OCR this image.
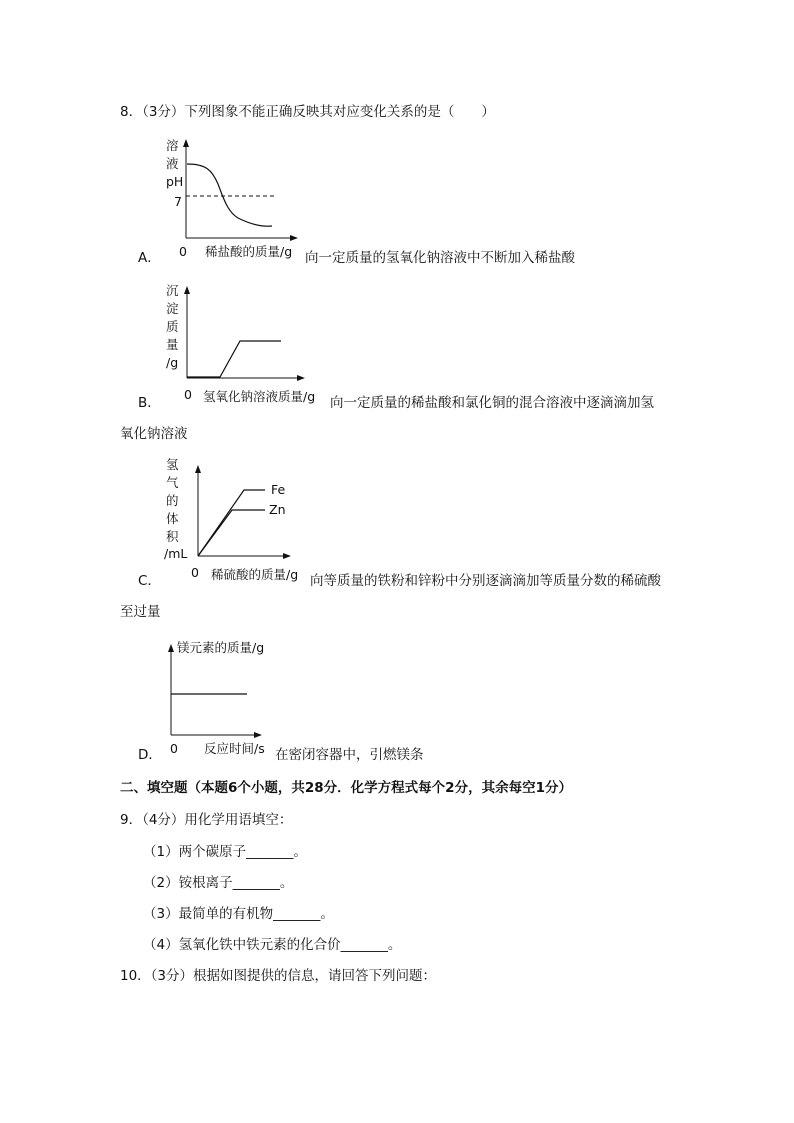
8．（3分）下列图象不能正确反映其对应变化关系的是（　　）
溶
液
pH
7
0
A．	稀盐酸的质量/g 向一定质量的氢氧化钠溶液中不断加入稀盐酸
沉
淀
质
量
/g
0
B．	氢氧化钠溶液质量/g 向一定质量的稀盐酸和氯化铜的混合溶液中逐滴滴加氢
氧化钠溶液
氢
气
的
体
积
/mL
Fe
Zn
0
C．	稀硫酸的质量/g 向等质量的铁粉和锌粉中分别逐滴滴加等质量分数的稀硫酸
至过量
镁元素的质量/g
0
D．	反应时间/s 在密闭容器中，引燃镁条
二、填空题（本题6个小题，共28分．化学方程式每个2分，其余每空1分）
9．（4分）用化学用语填空：
（1）两个碳原子_______。
（2）铵根离子_______。
（3）最简单的有机物_______。
（4）氢氧化铁中铁元素的化合价_______。
10．（3分）根据如图提供的信息，请回答下列问题：
